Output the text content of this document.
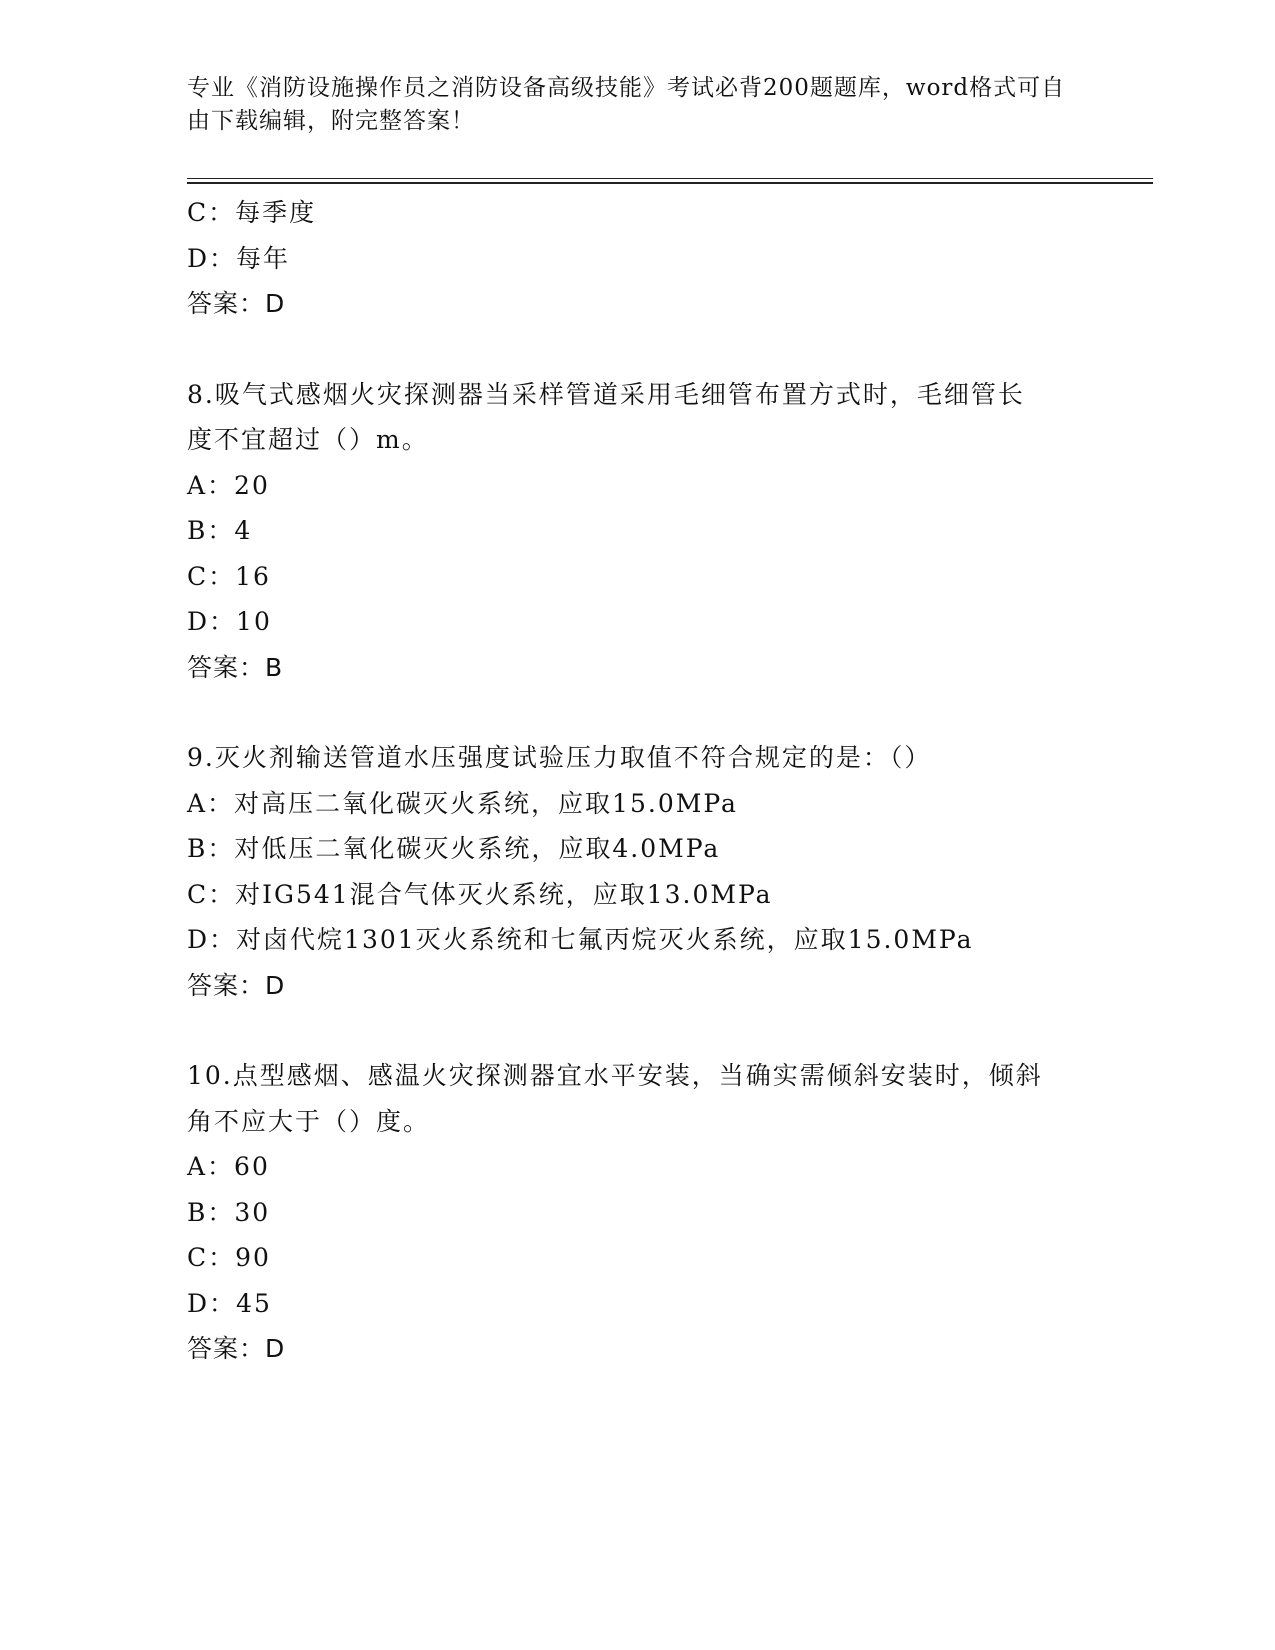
专业《消防设施操作员之消防设备高级技能》考试必背200题题库，word格式可自由下载编辑，附完整答案！
C：每季度
D：每年
答案：D
8.吸气式感烟火灾探测器当采样管道采用毛细管布置方式时，毛细管长度不宜超过（）m。
A：20
B：4
C：16
D：10
答案：B
9.灭火剂输送管道水压强度试验压力取值不符合规定的是：（）
A：对高压二氧化碳灭火系统，应取15.0MPa
B：对低压二氧化碳灭火系统，应取4.0MPa
C：对IG541混合气体灭火系统，应取13.0MPa
D：对卤代烷1301灭火系统和七氟丙烷灭火系统，应取15.0MPa
答案：D
10.点型感烟、感温火灾探测器宜水平安装，当确实需倾斜安装时，倾斜角不应大于（）度。
A：60
B：30
C：90
D：45
答案：D
